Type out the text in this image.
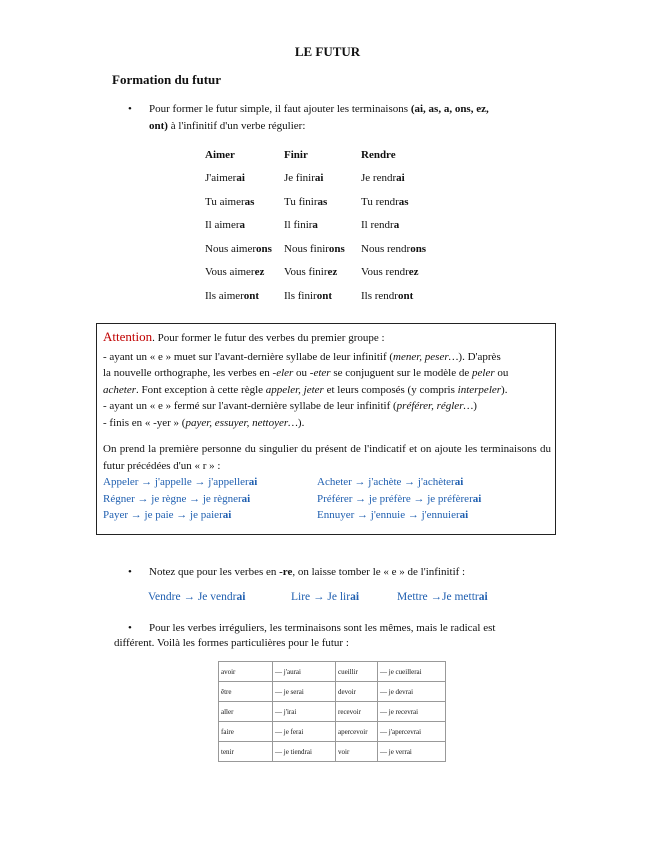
LE FUTUR

Formation du futur

•	Pour former le futur simple, il faut ajouter les terminaisons (ai, as, a, ons, ez,
ont) à l'infinitif d'un verbe régulier:

Aimer	Finir	Rendre
J'aimerai	Je finirai	Je rendrai
Tu aimeras	Tu finiras	Tu rendras
Il aimera	Il finira	Il rendra
Nous aimerons	Nous finirons	Nous rendrons
Vous aimerez	Vous finirez	Vous rendrez
Ils aimeront	Ils finiront	Ils rendront

Attention. Pour former le futur des verbes du premier groupe :

- ayant un « e » muet sur l'avant-dernière syllabe de leur infinitif (mener, peser…). D'après
la nouvelle orthographe, les verbes en -eler ou -eter se conjuguent sur le modèle de peler ou
acheter. Font exception à cette règle appeler, jeter et leurs composés (y compris interpeler).
- ayant un « e » fermé sur l'avant-dernière syllabe de leur infinitif (préférer, régler…)
- finis en « -yer » (payer, essuyer, nettoyer…).

On prend la première personne du singulier du présent de l'indicatif et on ajoute les terminaisons du futur précédées d'un « r » :

Appeler → j'appelle → j'appellerai	Acheter → j'achète → j'achèterai
Régner → je règne → je règnerai	Préférer → je préfère → je préfèrerai
Payer → je paie → je paierai	Ennuyer → j'ennuie → j'ennuierai
•	Notez que pour les verbes en -re, on laisse tomber le « e » de l'infinitif :

Vendre → Je vendrai	Lire → Je lirai	Mettre →Je mettrai
•	Pour les verbes irréguliers, les terminaisons sont les mêmes, mais le radical est

différent. Voilà les formes particulières pour le futur :

avoir	— j'aurai	cueillir	— je cueillerai
être	— je serai	devoir	— je devrai
aller	— j'irai	recevoir	— je recevrai
faire	— je ferai	apercevoir	— j'apercevrai
tenir	— je tiendrai	voir	— je verrai
